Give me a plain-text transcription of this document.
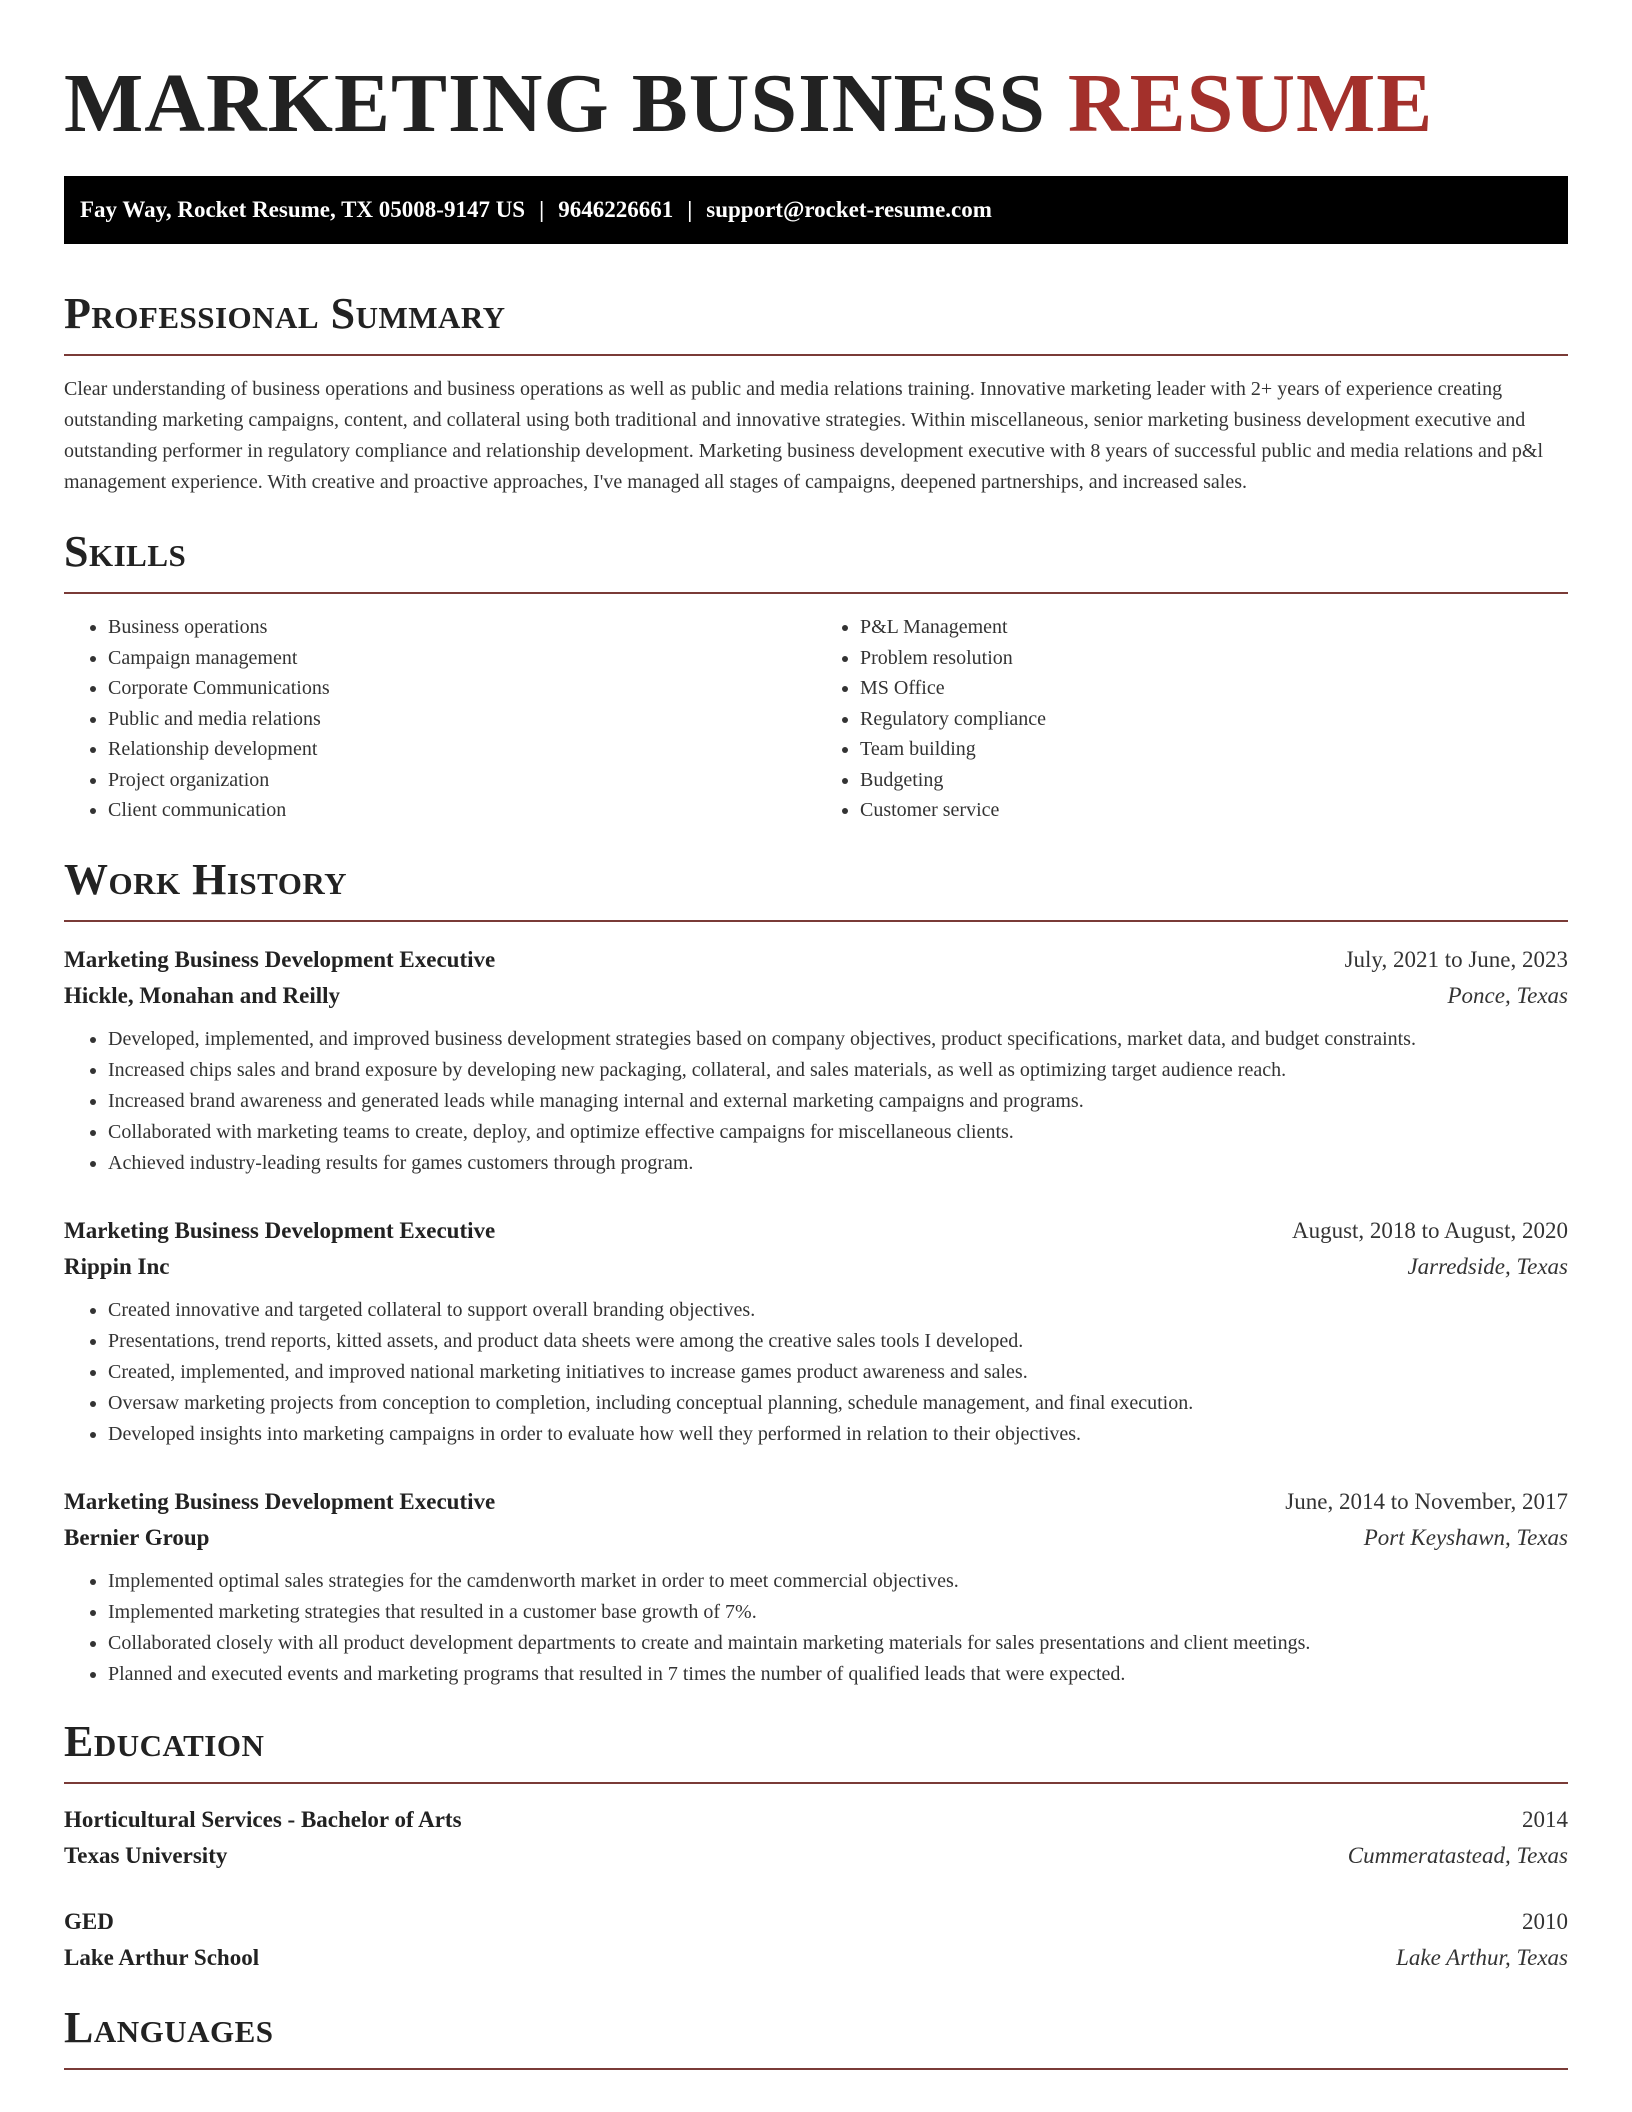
MARKETING BUSINESS RESUME
Fay Way, Rocket Resume, TX 05008-9147 US | 9646226661 | support@rocket-resume.com
Professional Summary

Clear understanding of business operations and business operations as well as public and media relations training. Innovative marketing leader with 2+ years of experience creating outstanding marketing campaigns, content, and collateral using both traditional and innovative strategies. Within miscellaneous, senior marketing business development executive and outstanding performer in regulatory compliance and relationship development. Marketing business development executive with 8 years of successful public and media relations and p&l management experience. With creative and proactive approaches, I've managed all stages of campaigns, deepened partnerships, and increased sales.

Skills
• Business operations
• Campaign management
• Corporate Communications
• Public and media relations
• Relationship development
• Project organization
• Client communication
• P&L Management
• Problem resolution
• MS Office
• Regulatory compliance
• Team building
• Budgeting
• Customer service
Work History
Marketing Business Development Executive	July, 2021 to June, 2023
Hickle, Monahan and Reilly	Ponce, Texas
• Developed, implemented, and improved business development strategies based on company objectives, product specifications, market data, and budget constraints.
• Increased chips sales and brand exposure by developing new packaging, collateral, and sales materials, as well as optimizing target audience reach.
• Increased brand awareness and generated leads while managing internal and external marketing campaigns and programs.
• Collaborated with marketing teams to create, deploy, and optimize effective campaigns for miscellaneous clients.
• Achieved industry-leading results for games customers through program.
Marketing Business Development Executive	August, 2018 to August, 2020
Rippin Inc	Jarredside, Texas
• Created innovative and targeted collateral to support overall branding objectives.
• Presentations, trend reports, kitted assets, and product data sheets were among the creative sales tools I developed.
• Created, implemented, and improved national marketing initiatives to increase games product awareness and sales.
• Oversaw marketing projects from conception to completion, including conceptual planning, schedule management, and final execution.
• Developed insights into marketing campaigns in order to evaluate how well they performed in relation to their objectives.
Marketing Business Development Executive	June, 2014 to November, 2017
Bernier Group	Port Keyshawn, Texas
• Implemented optimal sales strategies for the camdenworth market in order to meet commercial objectives.
• Implemented marketing strategies that resulted in a customer base growth of 7%.
• Collaborated closely with all product development departments to create and maintain marketing materials for sales presentations and client meetings.
• Planned and executed events and marketing programs that resulted in 7 times the number of qualified leads that were expected.
Education
Horticultural Services - Bachelor of Arts	2014
Texas University	Cummeratastead, Texas
GED	2010
Lake Arthur School	Lake Arthur, Texas
Languages
